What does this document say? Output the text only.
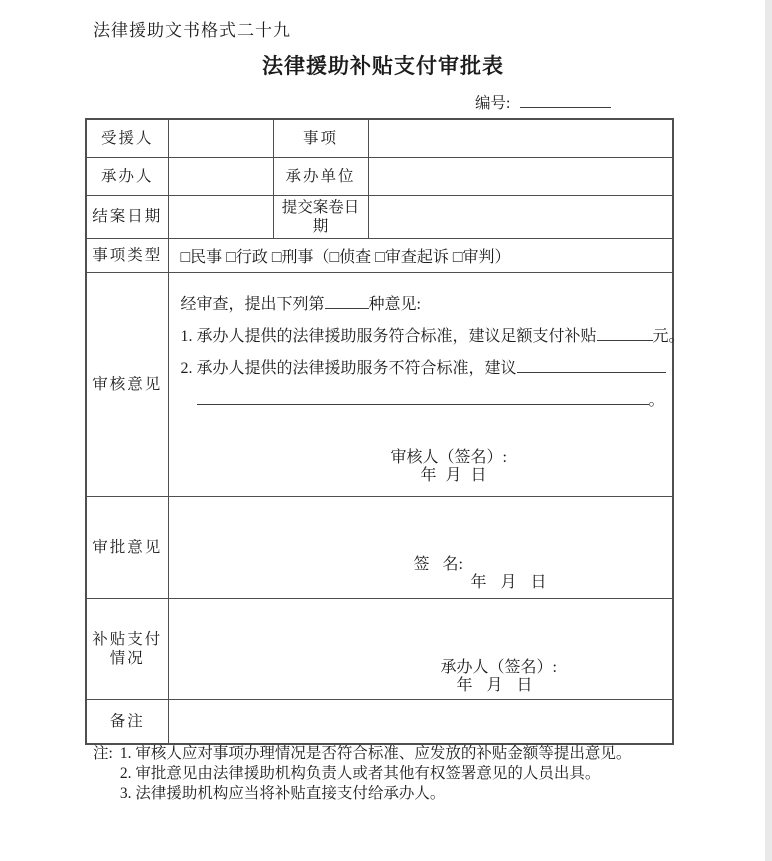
法律援助文书格式二十九
法律援助补贴支付审批表
编号:
受援人		事项	
承办人		承办单位	
结案日期		提交案卷日期	
事项类型	□民事 □行政 □刑事（□侦查 □审查起诉 □审判）		
审核意见	
经审查，提出下列第	种意见:
1. 承办人提供的法律援助服务符合标准，建议足额支付补贴	元。
2. 承办人提供的法律援助服务不符合标准，建议
。
审核人（签名）:
年 月 日

审批意见	签 名:
年 月 日		

补贴支付情况	承办人（签名）:
年 月 日		

备注			
注: 1. 审核人应对事项办理情况是否符合标准、应发放的补贴金额等提出意见。
2. 审批意见由法律援助机构负责人或者其他有权签署意见的人员出具。
3. 法律援助机构应当将补贴直接支付给承办人。
